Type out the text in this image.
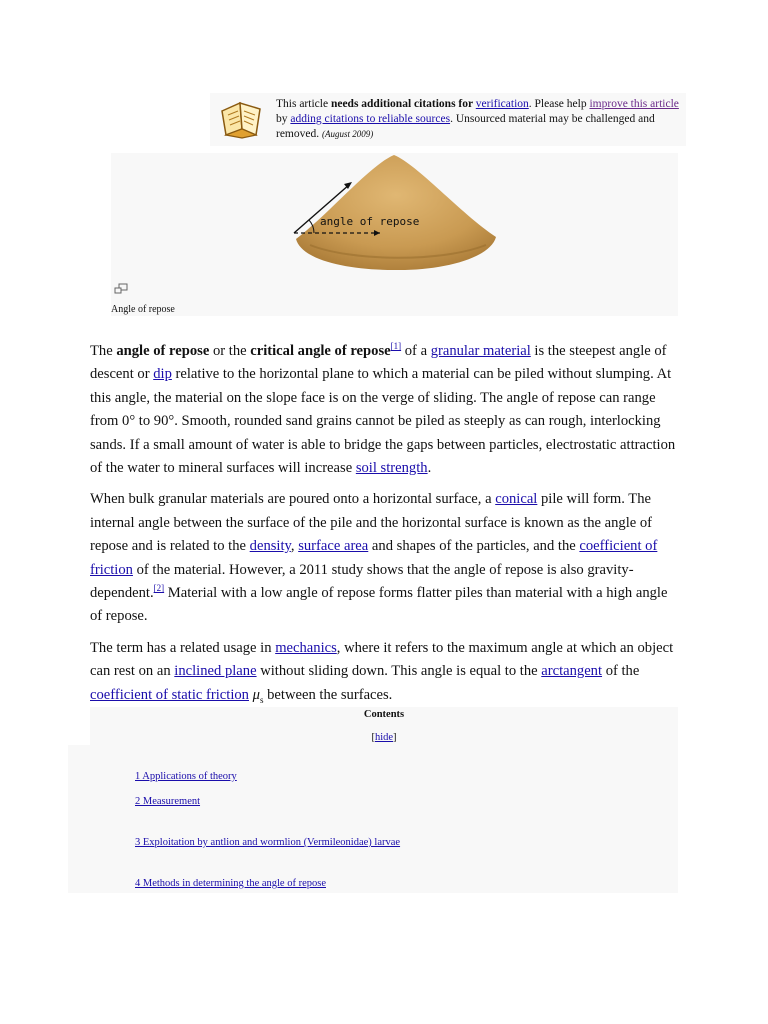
This article needs additional citations for verification. Please help improve this article by adding citations to reliable sources. Unsourced material may be challenged and removed. (August 2009)
angle of repose
Angle of repose

The angle of repose or the critical angle of repose[1] of a granular material is the steepest angle of descent or dip relative to the horizontal plane to which a material can be piled without slumping. At this angle, the material on the slope face is on the verge of sliding. The angle of repose can range from 0° to 90°. Smooth, rounded sand grains cannot be piled as steeply as can rough, interlocking sands. If a small amount of water is able to bridge the gaps between particles, electrostatic attraction of the water to mineral surfaces will increase soil strength.

When bulk granular materials are poured onto a horizontal surface, a conical pile will form. The internal angle between the surface of the pile and the horizontal surface is known as the angle of repose and is related to the density, surface area and shapes of the particles, and the coefficient of friction of the material. However, a 2011 study shows that the angle of repose is also gravity-dependent.[2] Material with a low angle of repose forms flatter piles than material with a high angle of repose.

The term has a related usage in mechanics, where it refers to the maximum angle at which an object can rest on an inclined plane without sliding down. This angle is equal to the arctangent of the coefficient of static friction $\mu_s$ between the surfaces.

Contents
[hide]
1 Applications of theory
2 Measurement
3 Exploitation by antlion and wormlion (Vermileonidae) larvae
4 Methods in determining the angle of repose
